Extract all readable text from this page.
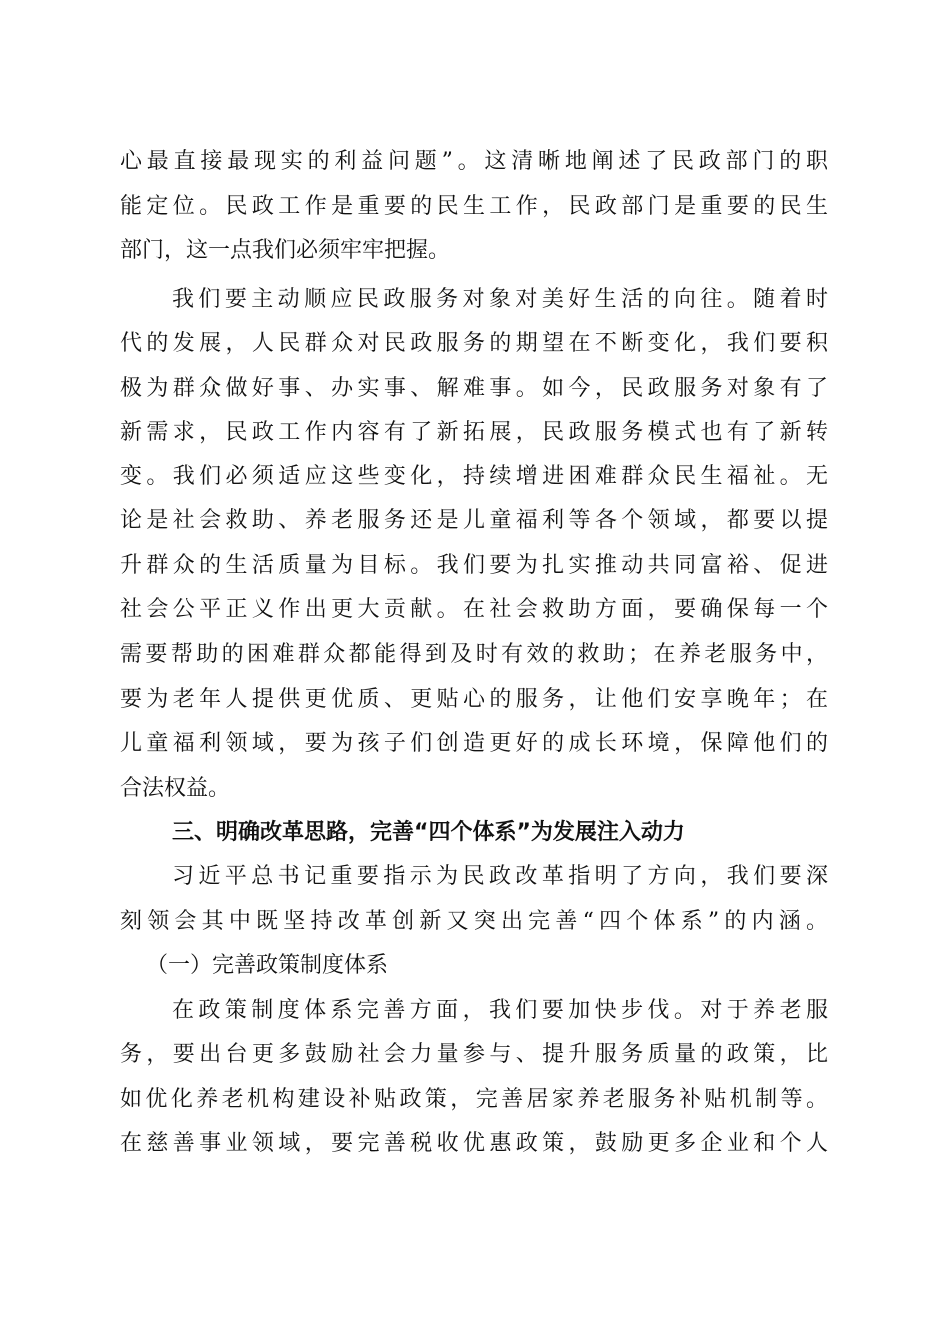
心最直接最现实的利益问题”。这清晰地阐述了民政部门的职
能定位。民政工作是重要的民生工作，民政部门是重要的民生
部门，这一点我们必须牢牢把握。
我们要主动顺应民政服务对象对美好生活的向往。随着时
代的发展，人民群众对民政服务的期望在不断变化，我们要积
极为群众做好事、办实事、解难事。如今，民政服务对象有了
新需求，民政工作内容有了新拓展，民政服务模式也有了新转
变。我们必须适应这些变化，持续增进困难群众民生福祉。无
论是社会救助、养老服务还是儿童福利等各个领域，都要以提
升群众的生活质量为目标。我们要为扎实推动共同富裕、促进
社会公平正义作出更大贡献。在社会救助方面，要确保每一个
需要帮助的困难群众都能得到及时有效的救助；在养老服务中，
要为老年人提供更优质、更贴心的服务，让他们安享晚年；在
儿童福利领域，要为孩子们创造更好的成长环境，保障他们的
合法权益。
三、明确改革思路，完善“四个体系”为发展注入动力
习近平总书记重要指示为民政改革指明了方向，我们要深
刻领会其中既坚持改革创新又突出完善“四个体系”的内涵。
（一）完善政策制度体系
在政策制度体系完善方面，我们要加快步伐。对于养老服
务，要出台更多鼓励社会力量参与、提升服务质量的政策，比
如优化养老机构建设补贴政策，完善居家养老服务补贴机制等。
在慈善事业领域，要完善税收优惠政策，鼓励更多企业和个人
